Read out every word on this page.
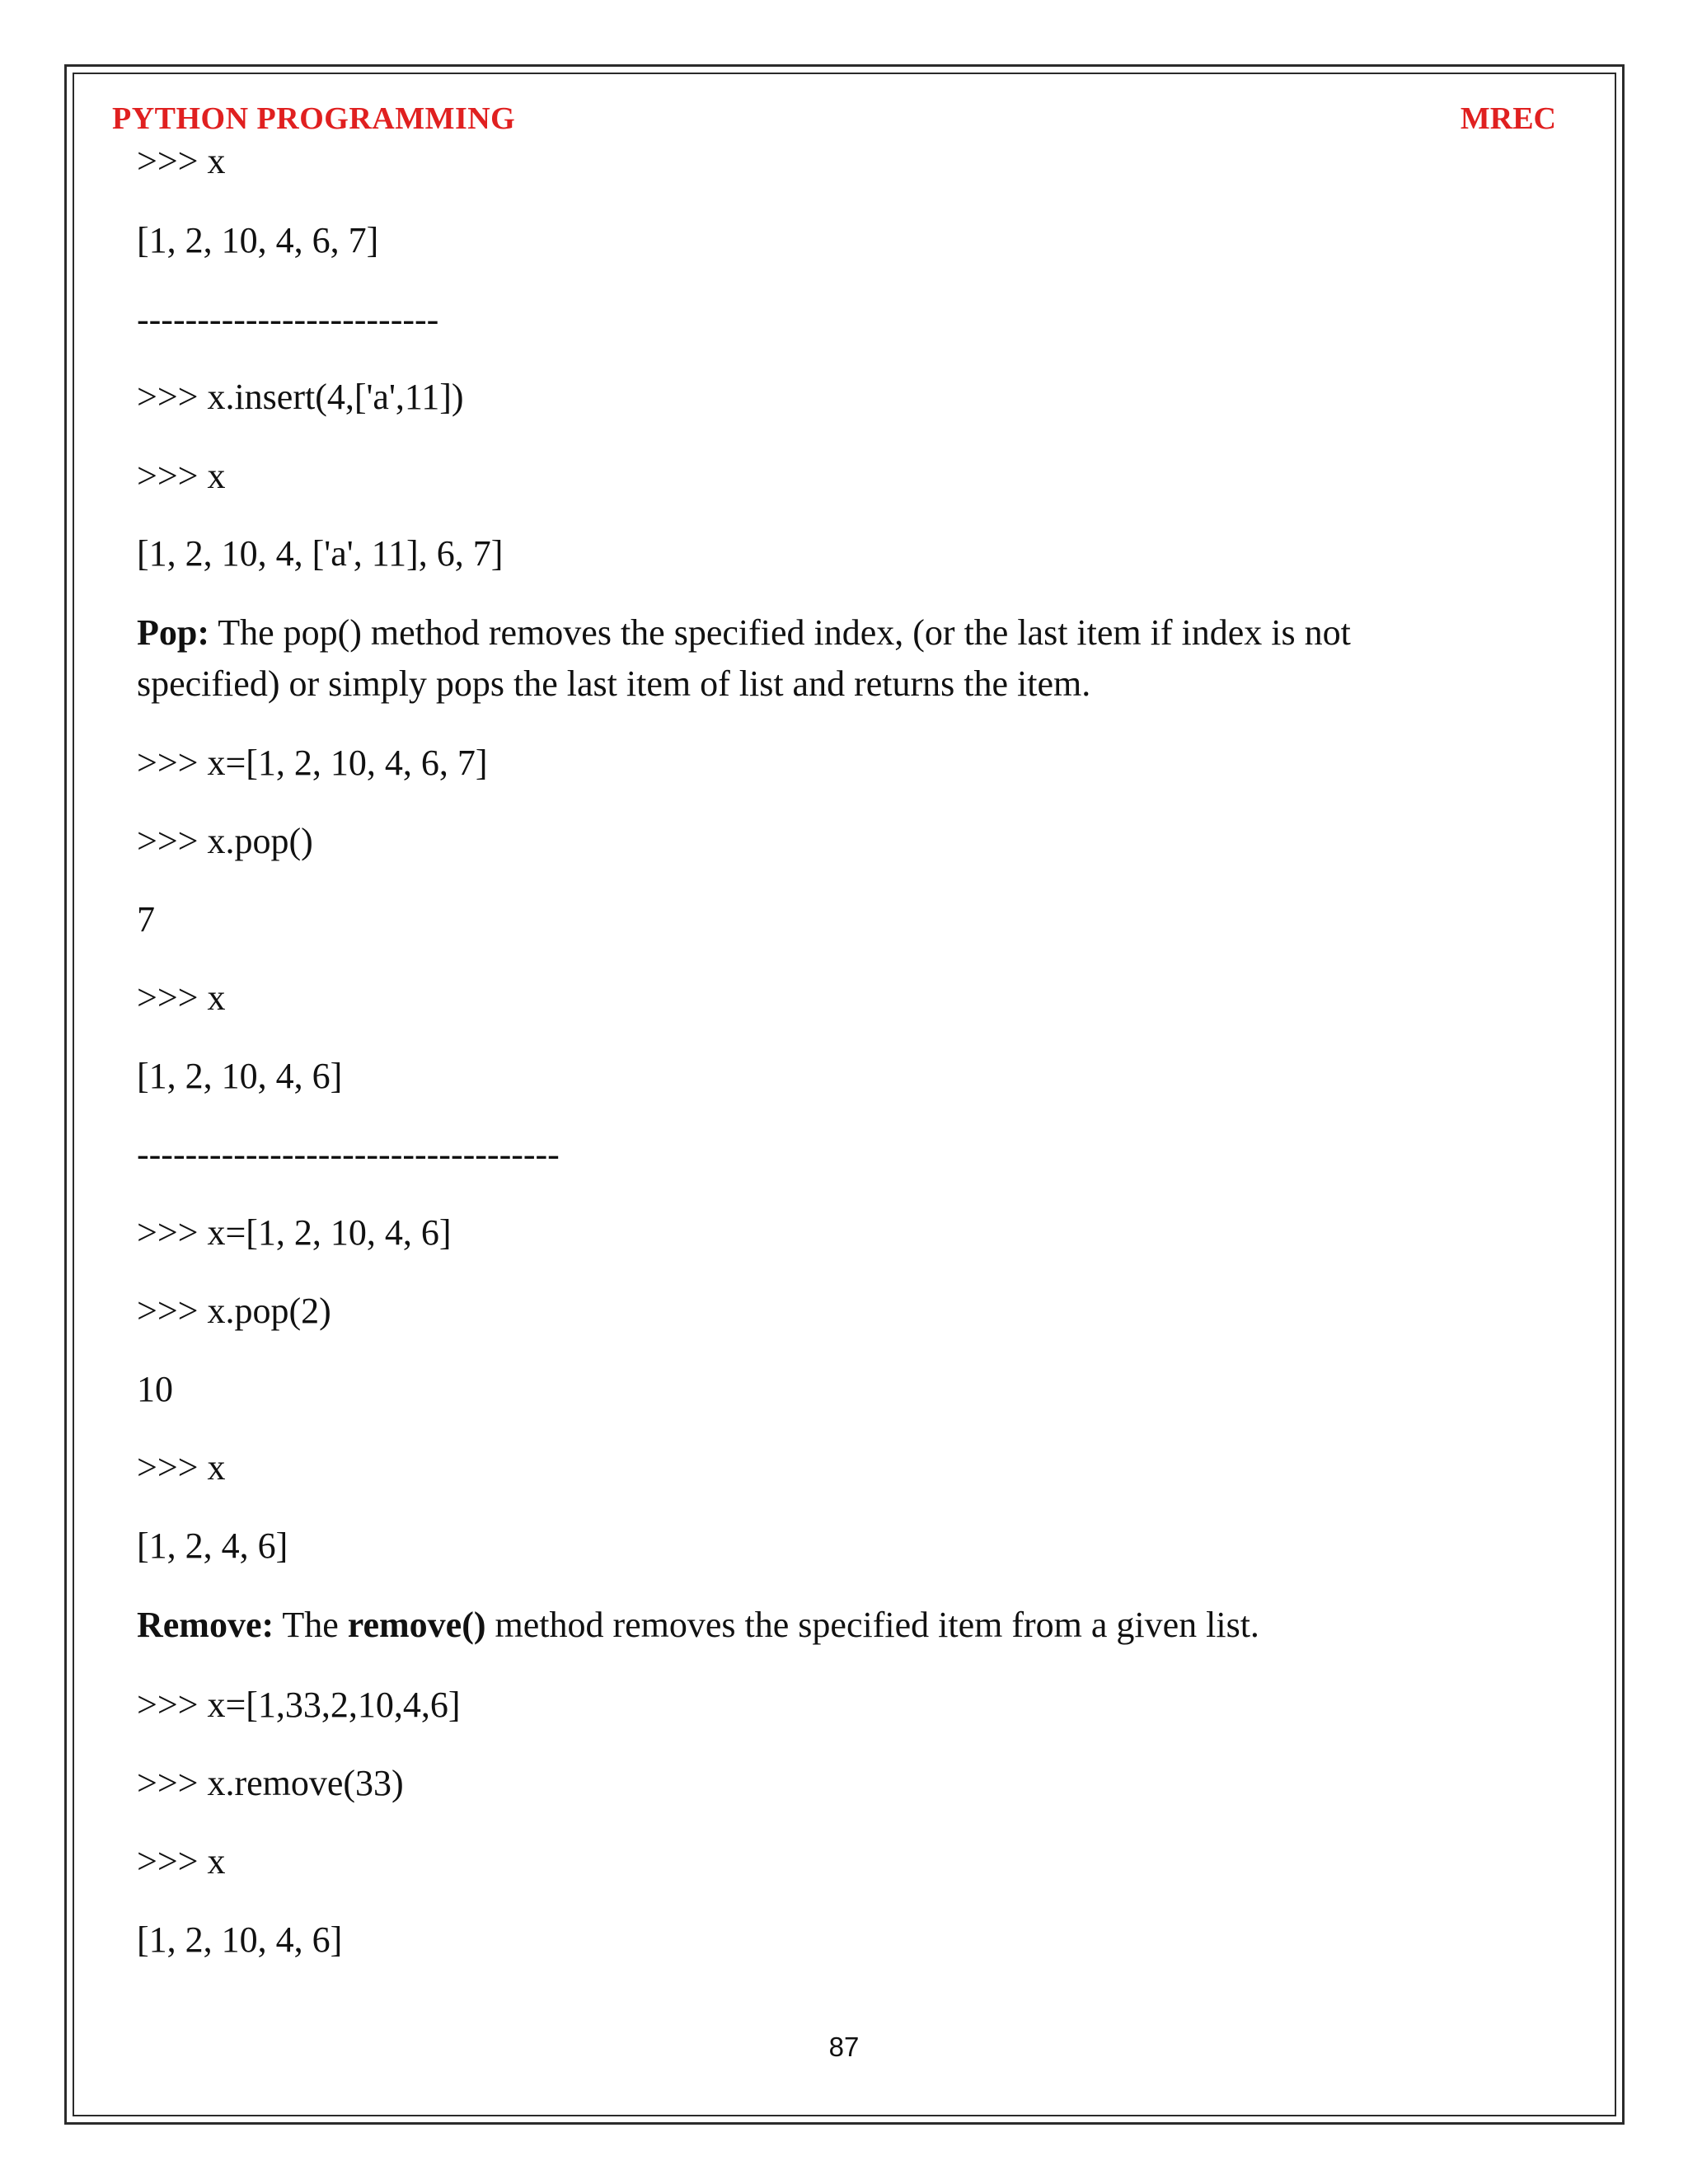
PYTHON PROGRAMMING	MREC
>>> x
[1, 2, 10, 4, 6, 7]
-------------------------
>>> x.insert(4,['a',11])
>>> x
[1, 2, 10, 4, ['a', 11], 6, 7]
Pop: The pop() method removes the specified index, (or the last item if index is not specified) or simply pops the last item of list and returns the item.
>>> x=[1, 2, 10, 4, 6, 7]
>>> x.pop()
7
>>> x
[1, 2, 10, 4, 6]
-----------------------------------
>>> x=[1, 2, 10, 4, 6]
>>> x.pop(2)
10
>>> x
[1, 2, 4, 6]
Remove: The remove() method removes the specified item from a given list.
>>> x=[1,33,2,10,4,6]
>>> x.remove(33)
>>> x
[1, 2, 10, 4, 6]
87
